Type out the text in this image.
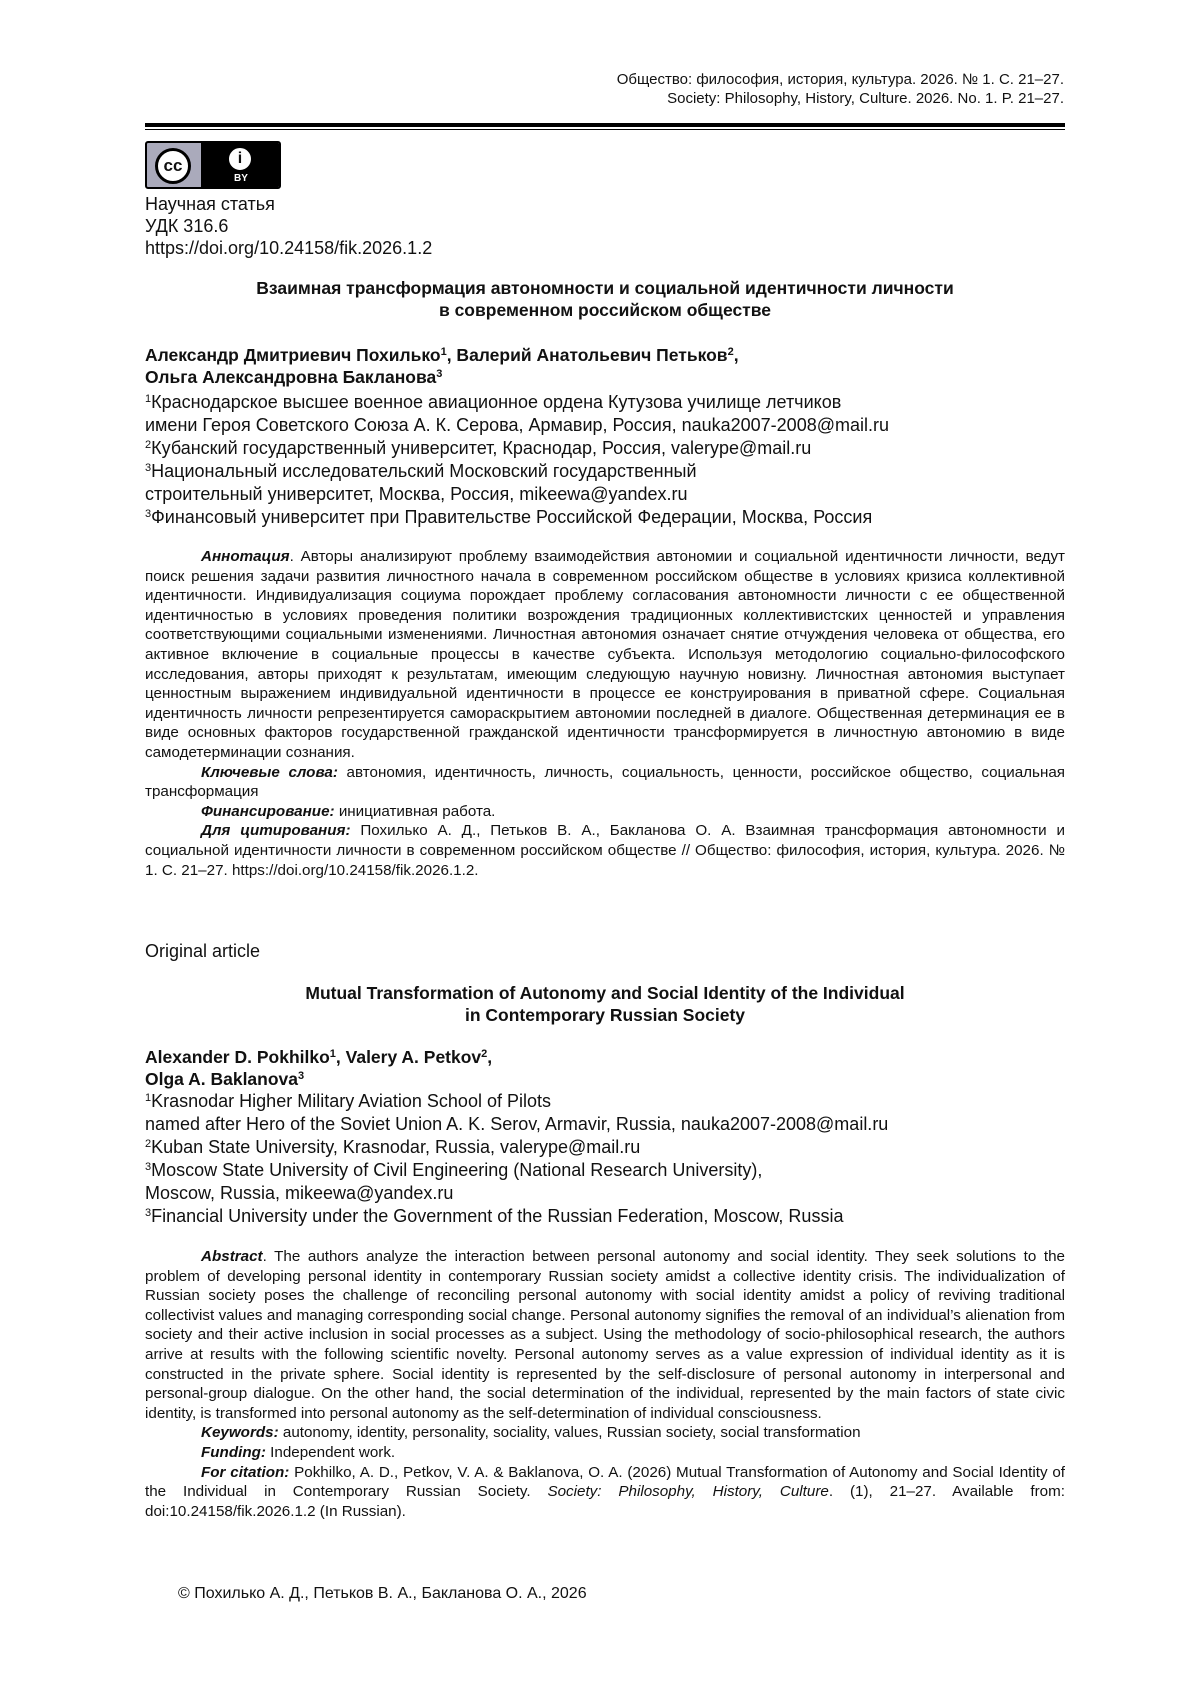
Общество: философия, история, культура. 2026. № 1. С. 21–27.
Society: Philosophy, History, Culture. 2026. No. 1. P. 21–27.
cc	i
BY
Научная статья
УДК 316.6
https://doi.org/10.24158/fik.2026.1.2
Взаимная трансформация автономности и социальной идентичности личности
в современном российском обществе
Александр Дмитриевич Похилько$^1$, Валерий Анатольевич Петьков$^2$,
Ольга Александровна Бакланова$^3$
$^1$Краснодарское высшее военное авиационное ордена Кутузова училище летчиков
имени Героя Советского Союза А. К. Серова, Армавир, Россия, nauka2007-2008@mail.ru
$^2$Кубанский государственный университет, Краснодар, Россия, valerype@mail.ru
$^3$Национальный исследовательский Московский государственный
строительный университет, Москва, Россия, mikeewa@yandex.ru
$^3$Финансовый университет при Правительстве Российской Федерации, Москва, Россия

Аннотация. Авторы анализируют проблему взаимодействия автономии и социальной идентичности личности, ведут поиск решения задачи развития личностного начала в современном российском обществе в условиях кризиса коллективной идентичности. Индивидуализация социума порождает проблему согласования автономности личности с ее общественной идентичностью в условиях проведения политики возрождения традиционных коллективистских ценностей и управления соответствующими социальными изменениями. Личностная автономия означает снятие отчуждения человека от общества, его активное включение в социальные процессы в качестве субъекта. Используя методологию социально-философского исследования, авторы приходят к результатам, имеющим следующую научную новизну. Личностная автономия выступает ценностным выражением индивидуальной идентичности в процессе ее конструирования в приватной сфере. Социальная идентичность личности репрезентируется самораскрытием автономии последней в диалоге. Общественная детерминация ее в виде основных факторов государственной гражданской идентичности трансформируется в личностную автономию в виде самодетерминации сознания.

Ключевые слова: автономия, идентичность, личность, социальность, ценности, российское общество, социальная трансформация

Финансирование: инициативная работа.

Для цитирования: Похилько А. Д., Петьков В. А., Бакланова О. А. Взаимная трансформация автономности и социальной идентичности личности в современном российском обществе // Общество: философия, история, культура. 2026. № 1. С. 21–27. https://doi.org/10.24158/fik.2026.1.2.

Original article
Mutual Transformation of Autonomy and Social Identity of the Individual
in Contemporary Russian Society
Alexander D. Pokhilko$^1$, Valery A. Petkov$^2$,
Olga A. Baklanova$^3$
$^1$Krasnodar Higher Military Aviation School of Pilots
named after Hero of the Soviet Union A. K. Serov, Armavir, Russia, nauka2007-2008@mail.ru
$^2$Kuban State University, Krasnodar, Russia, valerype@mail.ru
$^3$Moscow State University of Civil Engineering (National Research University),
Moscow, Russia, mikeewa@yandex.ru
$^3$Financial University under the Government of the Russian Federation, Moscow, Russia

Abstract. The authors analyze the interaction between personal autonomy and social identity. They seek solutions to the problem of developing personal identity in contemporary Russian society amidst a collective identity crisis. The individualization of Russian society poses the challenge of reconciling personal autonomy with social identity amidst a policy of reviving traditional collectivist values and managing corresponding social change. Personal autonomy signifies the removal of an individual’s alienation from society and their active inclusion in social processes as a subject. Using the methodology of socio-philosophical research, the authors arrive at results with the following scientific novelty. Personal autonomy serves as a value expression of individual identity as it is constructed in the private sphere. Social identity is represented by the self-disclosure of personal autonomy in interpersonal and personal-group dialogue. On the other hand, the social determination of the individual, represented by the main factors of state civic identity, is transformed into personal autonomy as the self-determination of individual consciousness.

Keywords: autonomy, identity, personality, sociality, values, Russian society, social transformation

Funding: Independent work.

For citation: Pokhilko, A. D., Petkov, V. A. & Baklanova, O. A. (2026) Mutual Transformation of Autonomy and Social Identity of the Individual in Contemporary Russian Society. Society: Philosophy, History, Culture. (1), 21–27. Available from: doi:10.24158/fik.2026.1.2 (In Russian).

© Похилько А. Д., Петьков В. А., Бакланова О. А., 2026
